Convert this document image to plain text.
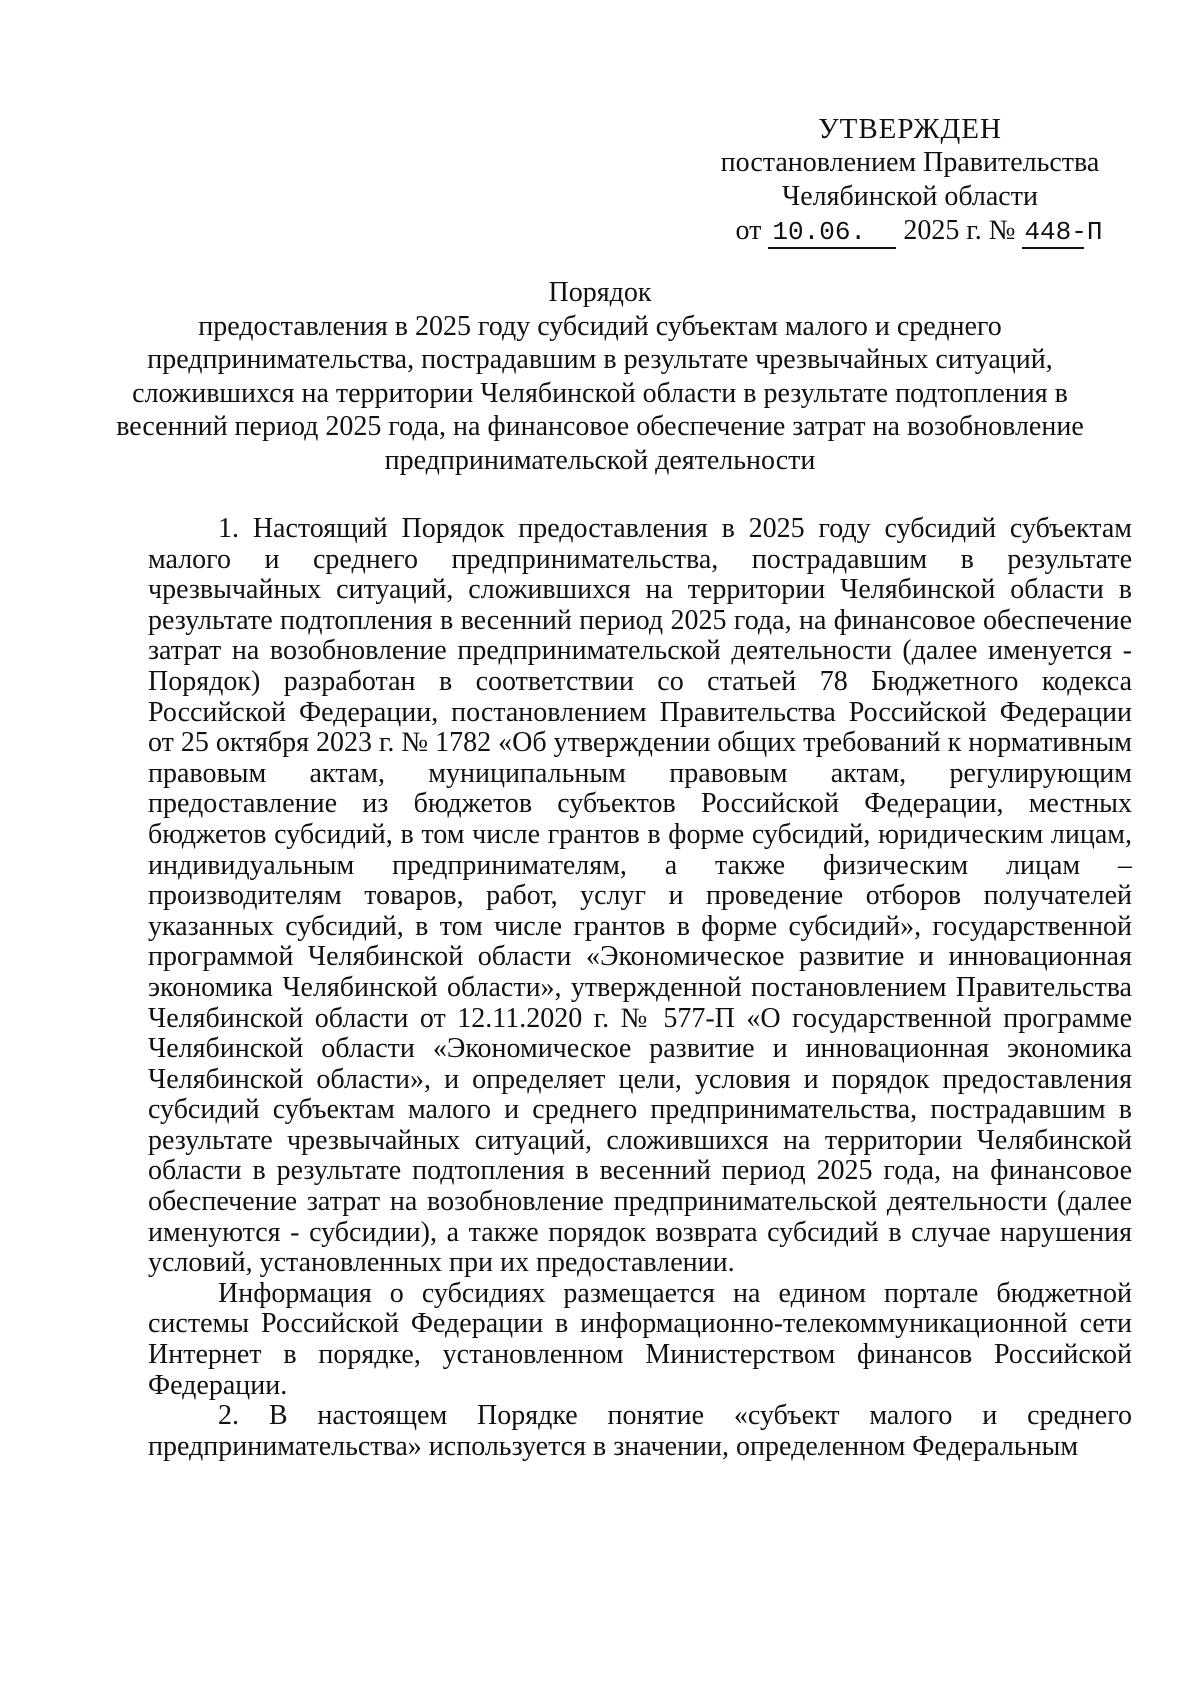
УТВЕРЖДЕН
постановлением Правительства
Челябинской области
от 10.06. 2025 г. № 448-П
Порядок
предоставления в 2025 году субсидий субъектам малого и среднего предпринимательства, пострадавшим в результате чрезвычайных ситуаций, сложившихся на территории Челябинской области в результате подтопления в весенний период 2025 года, на финансовое обеспечение затрат на возобновление предпринимательской деятельности

1. Настоящий Порядок предоставления в 2025 году субсидий субъектам малого и среднего предпринимательства, пострадавшим в результате чрезвычайных ситуаций, сложившихся на территории Челябинской области в результате подтопления в весенний период 2025 года, на финансовое обеспечение затрат на возобновление предпринимательской деятельности (далее именуется - Порядок) разработан в соответствии со статьей 78 Бюджетного кодекса Российской Федерации, постановлением Правительства Российской Федерации от 25 октября 2023 г. № 1782 «Об утверждении общих требований к нормативным правовым актам, муниципальным правовым актам, регулирующим предоставление из бюджетов субъектов Российской Федерации, местных бюджетов субсидий, в том числе грантов в форме субсидий, юридическим лицам, индивидуальным предпринимателям, а также физическим лицам – производителям товаров, работ, услуг и проведение отборов получателей указанных субсидий, в том числе грантов в форме субсидий», государственной программой Челябинской области «Экономическое развитие и инновационная экономика Челябинской области», утвержденной постановлением Правительства Челябинской области от 12.11.2020 г. № 577-П «О государственной программе Челябинской области «Экономическое развитие и инновационная экономика Челябинской области», и определяет цели, условия и порядок предоставления субсидий субъектам малого и среднего предпринимательства, пострадавшим в результате чрезвычайных ситуаций, сложившихся на территории Челябинской области в результате подтопления в весенний период 2025 года, на финансовое обеспечение затрат на возобновление предпринимательской деятельности (далее именуются - субсидии), а также порядок возврата субсидий в случае нарушения условий, установленных при их предоставлении.

Информация о субсидиях размещается на едином портале бюджетной системы Российской Федерации в информационно-телекоммуникационной сети Интернет в порядке, установленном Министерством финансов Российской Федерации.

2. В настоящем Порядке понятие «субъект малого и среднего предпринимательства» используется в значении, определенном Федеральным
